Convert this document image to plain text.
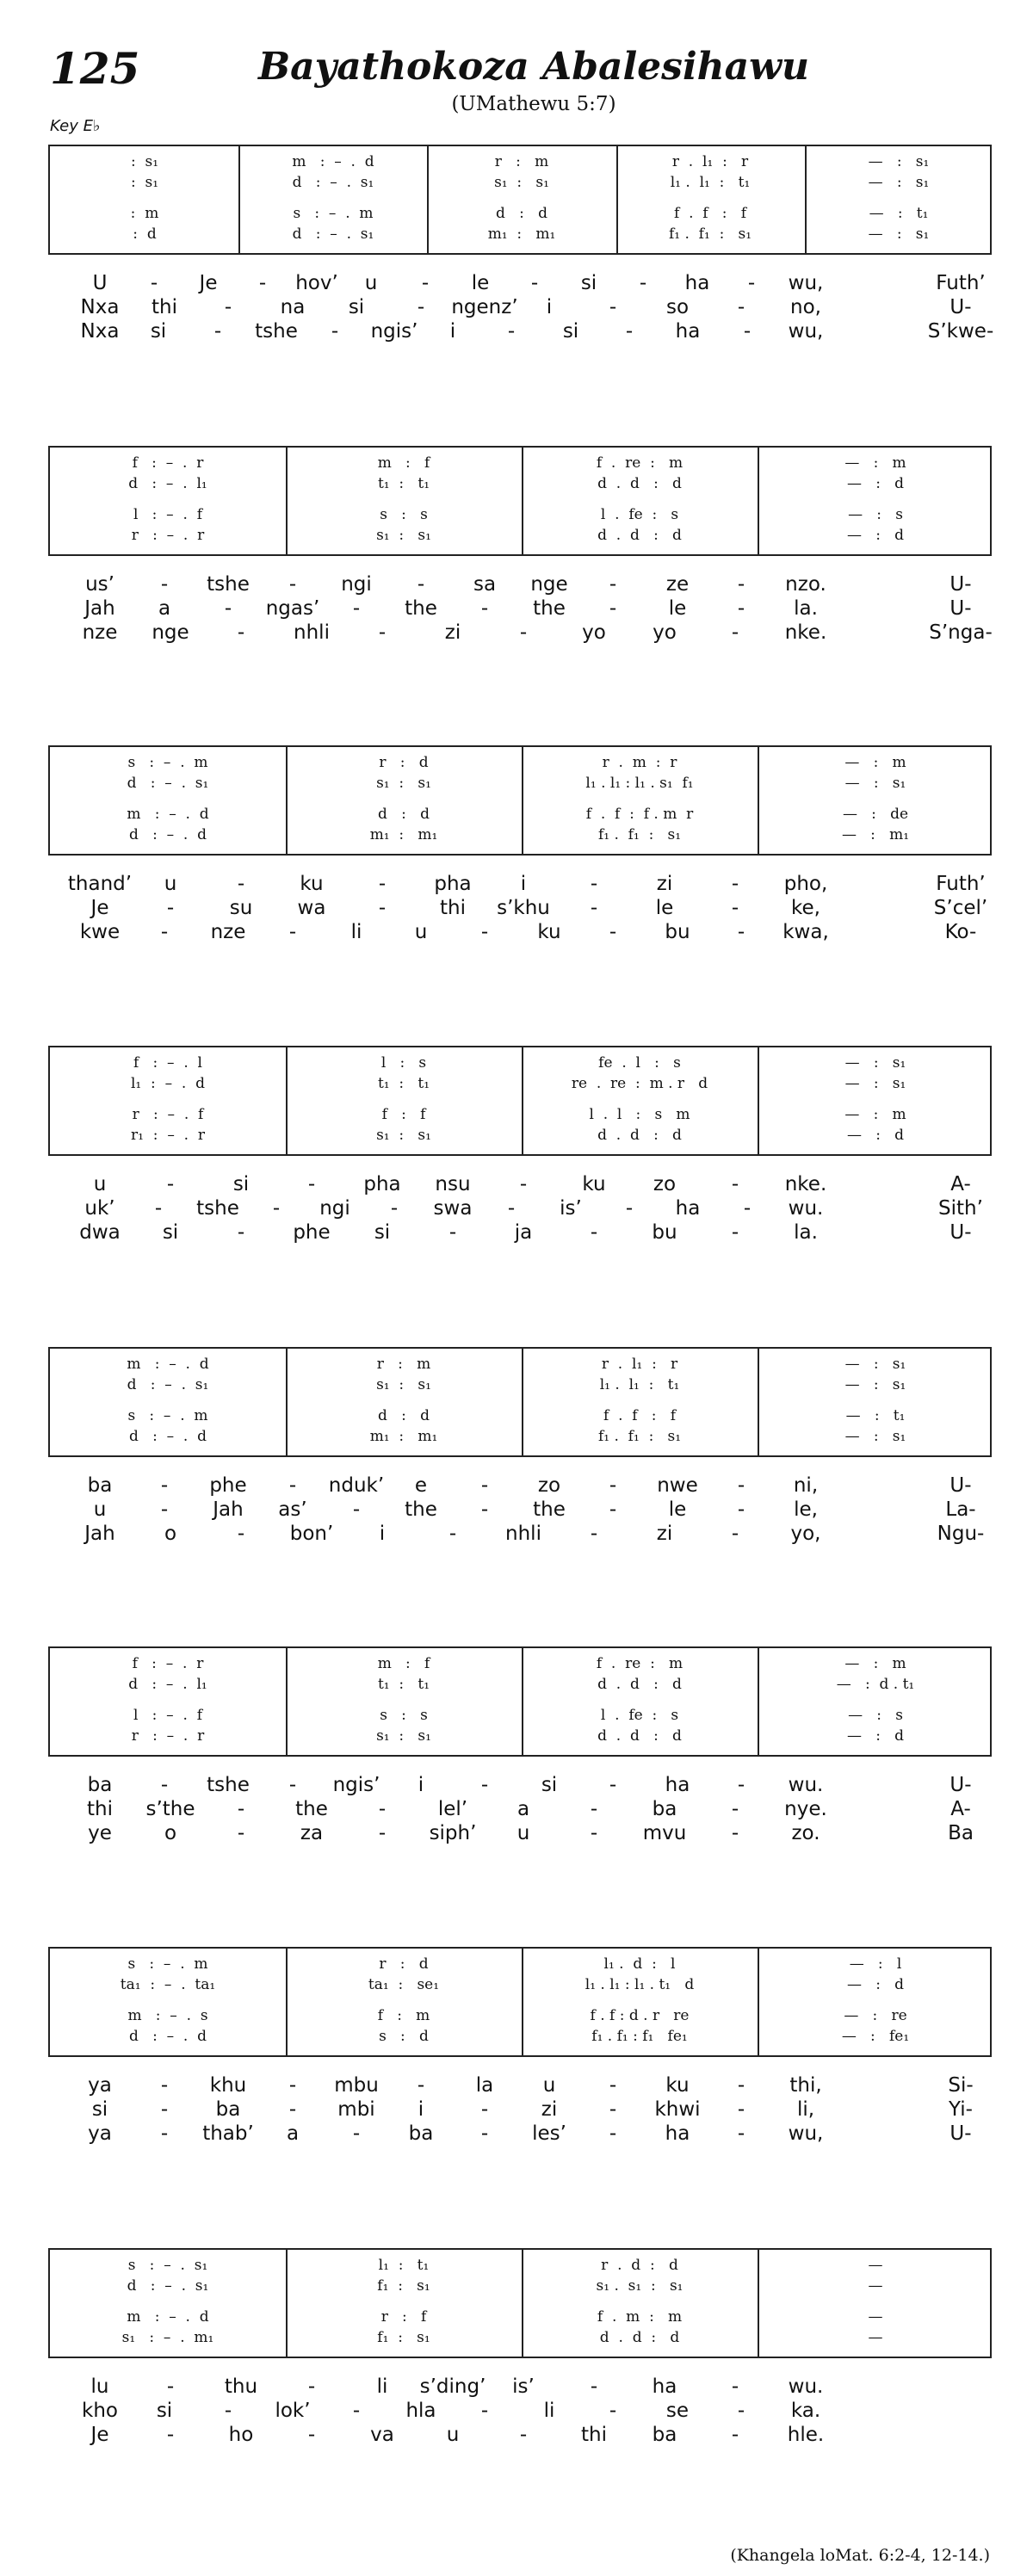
125	Bayathokoza Abalesihawu
(UMathewu 5:7)
Key E♭
:  s₁	m   :  –  .  d	r   :   m	r  .  l₁  :   r	—   :   s₁
:  s₁	d   :  –  .  s₁	s₁  :   s₁	l₁ .  l₁  :   t₁	—   :   s₁
:  m	s   :  –  .  m	d   :   d	f  .  f   :   f	—   :   t₁
:  d	d   :  –  .  s₁	m₁  :   m₁	f₁ .  f₁  :   s₁	—   :   s₁
U - Je - hov’ u - le - si - ha - wu,	Futh’
Nxa thi - na si	- ngenz’ i	-	so - no,	U-
Nxa si - tshe - ngis’ i	- si - ha - wu,	S’kwe-
f   :  –  .  r	m   :   f	f  .  re  :   m	—   :   m
d   :  –  .  l₁	t₁  :   t₁	d  .  d   :   d	—   :   d
l   :  –  .  f	s   :   s	l  .  fe  :   s	—   :   s
r   :  –  .  r	s₁  :   s₁	d  .  d   :   d	—   :   d
us’ - tshe - ngi - sa nge -	ze - nzo.	U-
Jah a	- ngas’ - the - the -	le	- la.	U-
nze nge - nhli -	zi	-	yo yo	- nke.	S’nga-
s   :  –  .  m	r   :   d	r  .  m  :  r	—   :   m
d   :  –  .  s₁	s₁  :   s₁	l₁ . l₁ : l₁ . s₁  f₁	—   :   s₁
m   :  –  .  d	d   :   d	f  .  f  :  f . m  r	—   :   de
d   :  –  .  d	m₁  :   m₁	f₁ .  f₁  :   s₁	—   :   m₁
thand’ u	-	ku	- pha i	-	zi	- pho,	Futh’
Je	-	su wa	-	thi s’khu -	le	-	ke,	S’cel’
kwe - nze -	li	u	- ku - bu - kwa,	Ko-
f   :  –  .  l	l   :   s	fe  .  l   :   s	—   :   s₁
l₁  :  –  .  d	t₁  :   t₁	re  .  re  :  m . r   d	—   :   s₁
r   :  –  .  f	f   :   f	l  .  l   :   s   m	—   :   m
r₁  :  –  .  r	s₁  :   s₁	d  .  d   :   d	—   :   d
u	-	si	- pha nsu -	ku zo	- nke.	A-
uk’ - tshe - ngi - swa - is’ - ha - wu.	Sith’
dwa si	- phe si	-	ja	-	bu	-	la.	U-
m   :  –  .  d	r   :   m	r  .  l₁  :   r	—   :   s₁
d   :  –  .  s₁	s₁  :   s₁	l₁ .  l₁  :   t₁	—   :   s₁
s   :  –  .  m	d   :   d	f  .  f   :   f	—   :   t₁
d   :  –  .  d	m₁  :   m₁	f₁ .  f₁  :   s₁	—   :   s₁
ba - phe - nduk’ e	-	zo - nwe - ni,	U-
u	- Jah as’ - the - the -	le	- le,	La-
Jah o	- bon’ i	- nhli -	zi	-	yo,	Ngu-
f   :  –  .  r	m   :   f	f  .  re  :   m	—   :   m
d   :  –  .  l₁	t₁  :   t₁	d  .  d   :   d	—   :  d . t₁
l   :  –  .  f	s   :   s	l  .  fe  :   s	—   :   s
r   :  –  .  r	s₁  :   s₁	d  .  d   :   d	—   :   d
ba - tshe - ngis’ i	-	si	- ha - wu.	U-
thi s’the -	the	-	lel’	a	-	ba	- nye.	A-
ye	o	-	za	- siph’ u	- mvu -	zo.	Ba
s   :  –  .  m	r   :   d	l₁ .  d  :   l	—   :   l
ta₁  :  –  .  ta₁	ta₁  :   se₁	l₁ . l₁ : l₁ . t₁   d	—   :   d
m   :  –  .  s	f   :   m	f . f : d . r   re	—   :   re
d   :  –  .  d	s   :   d	f₁ . f₁ : f₁   fe₁	—   :   fe₁
ya - khu - mbu -	la u	- ku - thi,	Si-
si	- ba - mbi i	-	zi	- khwi -	li,	Yi-
ya - thab’ a	- ba - les’ - ha - wu,	U-
s   :  –  .  s₁	l₁  :   t₁	r  .  d  :   d	—
d   :  –  .  s₁	f₁  :   s₁	s₁ .  s₁  :   s₁	—
m   :  –  .  d	r   :   f	f  .  m  :   m	—
s₁   :  –  .  m₁	f₁  :   s₁	d  .  d  :   d	—
lu	-	thu	-	li s’ding’ is’	-	ha	- wu.
kho si	- lok’ - hla -	li	-	se - ka.
Je	-	ho	-	va	u	-	thi ba	- hle.
(Khangela loMat. 6:2-4, 12-14.)
